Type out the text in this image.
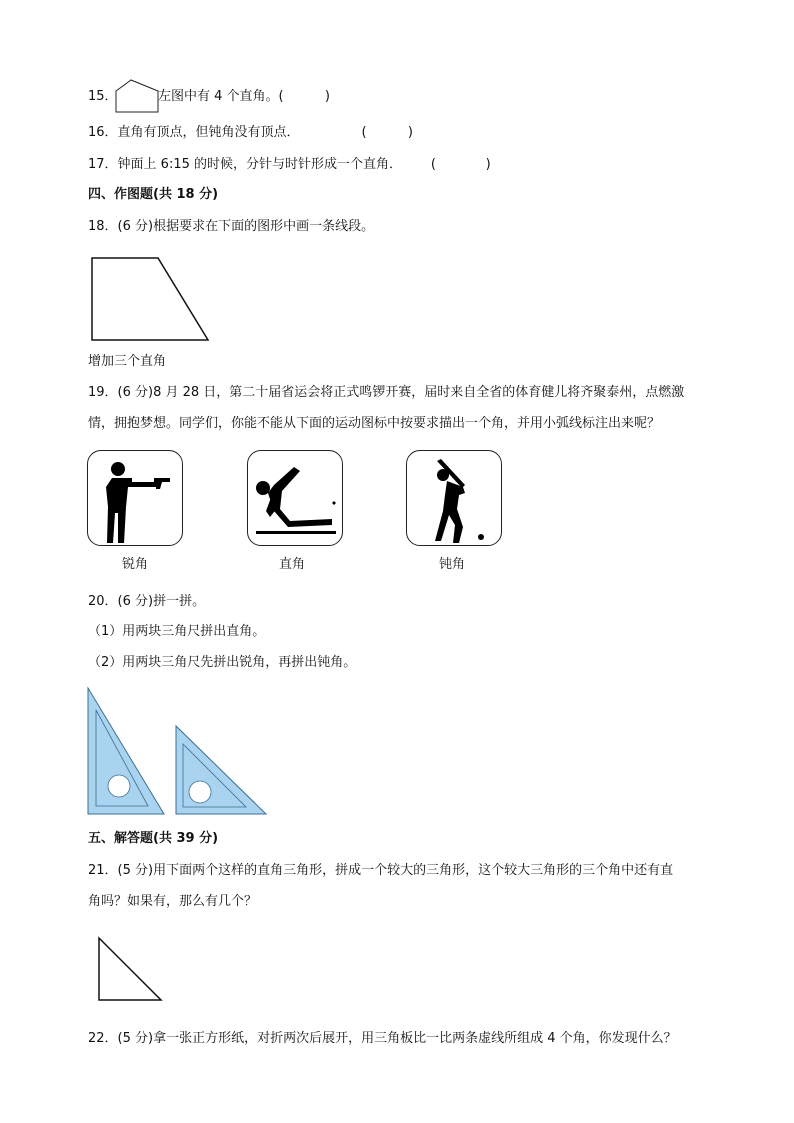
15．	左图中有 4 个直角。(          )
16．直角有顶点，但钝角没有顶点．               (          )
17．钟面上 6:15 的时候，分针与时针形成一个直角．       (            )
四、作图题(共 18 分)
18．(6 分)根据要求在下面的图形中画一条线段。
增加三个直角
19．(6 分)8 月 28 日，第二十届省运会将正式鸣锣开赛，届时来自全省的体育健儿将齐聚泰州，点燃激
情，拥抱梦想。同学们，你能不能从下面的运动图标中按要求描出一个角，并用小弧线标注出来呢？
锐角	直角	钝角
20．(6 分)拼一拼。
（1）用两块三角尺拼出直角。
（2）用两块三角尺先拼出锐角，再拼出钝角。
五、解答题(共 39 分)
21．(5 分)用下面两个这样的直角三角形，拼成一个较大的三角形，这个较大三角形的三个角中还有直
角吗？如果有，那么有几个？
22．(5 分)拿一张正方形纸，对折两次后展开，用三角板比一比两条虚线所组成 4 个角，你发现什么？
